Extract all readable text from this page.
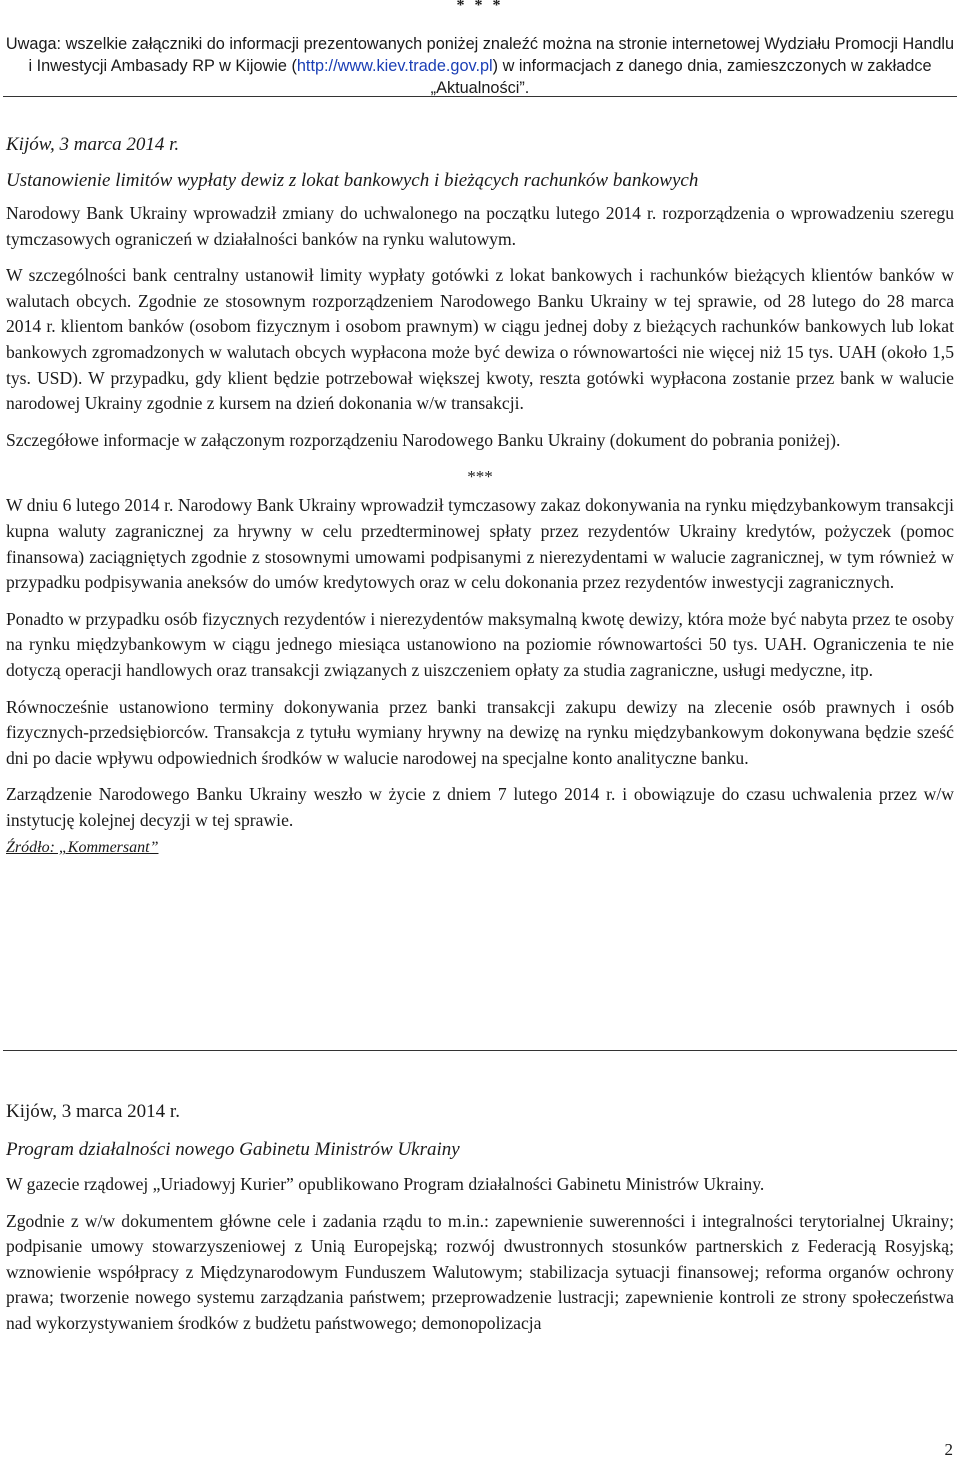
* * *

Uwaga: wszelkie załączniki do informacji prezentowanych poniżej znaleźć można na stronie internetowej Wydziału Promocji Handlu i Inwestycji Ambasady RP w Kijowie (http://www.kiev.trade.gov.pl) w informacjach z danego dnia, zamieszczonych w zakładce „Aktualności”.

Kijów, 3 marca 2014 r.

Ustanowienie limitów wypłaty dewiz z lokat bankowych i bieżących rachunków bankowych

Narodowy Bank Ukrainy wprowadził zmiany do uchwalonego na początku lutego 2014 r. rozporządzenia o wprowadzeniu szeregu tymczasowych ograniczeń w działalności banków na rynku walutowym.

W szczególności bank centralny ustanowił limity wypłaty gotówki z lokat bankowych i rachunków bieżących klientów banków w walutach obcych. Zgodnie ze stosownym rozporządzeniem Narodowego Banku Ukrainy w tej sprawie, od 28 lutego do 28 marca 2014 r. klientom banków (osobom fizycznym i osobom prawnym) w ciągu jednej doby z bieżących rachunków bankowych lub lokat bankowych zgromadzonych w walutach obcych wypłacona może być dewiza o równowartości nie więcej niż 15 tys. UAH (około 1,5 tys. USD). W przypadku, gdy klient będzie potrzebował większej kwoty, reszta gotówki wypłacona zostanie przez bank w walucie narodowej Ukrainy zgodnie z kursem na dzień dokonania w/w transakcji.

Szczegółowe informacje w załączonym rozporządzeniu Narodowego Banku Ukrainy (dokument do pobrania poniżej).

***

W dniu 6 lutego 2014 r. Narodowy Bank Ukrainy wprowadził tymczasowy zakaz dokonywania na rynku międzybankowym transakcji kupna waluty zagranicznej za hrywny w celu przedterminowej spłaty przez rezydentów Ukrainy kredytów, pożyczek (pomoc finansowa) zaciągniętych zgodnie z stosownymi umowami podpisanymi z nierezydentami w walucie zagranicznej, w tym również w przypadku podpisywania aneksów do umów kredytowych oraz w celu dokonania przez rezydentów inwestycji zagranicznych.

Ponadto w przypadku osób fizycznych rezydentów i nierezydentów maksymalną kwotę dewizy, która może być nabyta przez te osoby na rynku międzybankowym w ciągu jednego miesiąca ustanowiono na poziomie równowartości 50 tys. UAH. Ograniczenia te nie dotyczą operacji handlowych oraz transakcji związanych z uiszczeniem opłaty za studia zagraniczne, usługi medyczne, itp.

Równocześnie ustanowiono terminy dokonywania przez banki transakcji zakupu dewizy na zlecenie osób prawnych i osób fizycznych-przedsiębiorców. Transakcja z tytułu wymiany hrywny na dewizę na rynku międzybankowym dokonywana będzie sześć dni po dacie wpływu odpowiednich środków w walucie narodowej na specjalne konto analityczne banku.

Zarządzenie Narodowego Banku Ukrainy weszło w życie z dniem 7 lutego 2014 r. i obowiązuje do czasu uchwalenia przez w/w instytucję kolejnej decyzji w tej sprawie.

Źródło: „Kommersant”

Kijów, 3 marca 2014 r.

Program działalności nowego Gabinetu Ministrów Ukrainy

W gazecie rządowej „Uriadowyj Kurier” opublikowano Program działalności Gabinetu Ministrów Ukrainy.

Zgodnie z w/w dokumentem główne cele i zadania rządu to m.in.: zapewnienie suwerenności i integralności terytorialnej Ukrainy; podpisanie umowy stowarzyszeniowej z Unią Europejską; rozwój dwustronnych stosunków partnerskich z Federacją Rosyjską; wznowienie współpracy z Międzynarodowym Funduszem Walutowym; stabilizacja sytuacji finansowej; reforma organów ochrony prawa; tworzenie nowego systemu zarządzania państwem; przeprowadzenie lustracji; zapewnienie kontroli ze strony społeczeństwa nad wykorzystywaniem środków z budżetu państwowego; demonopolizacja

2
